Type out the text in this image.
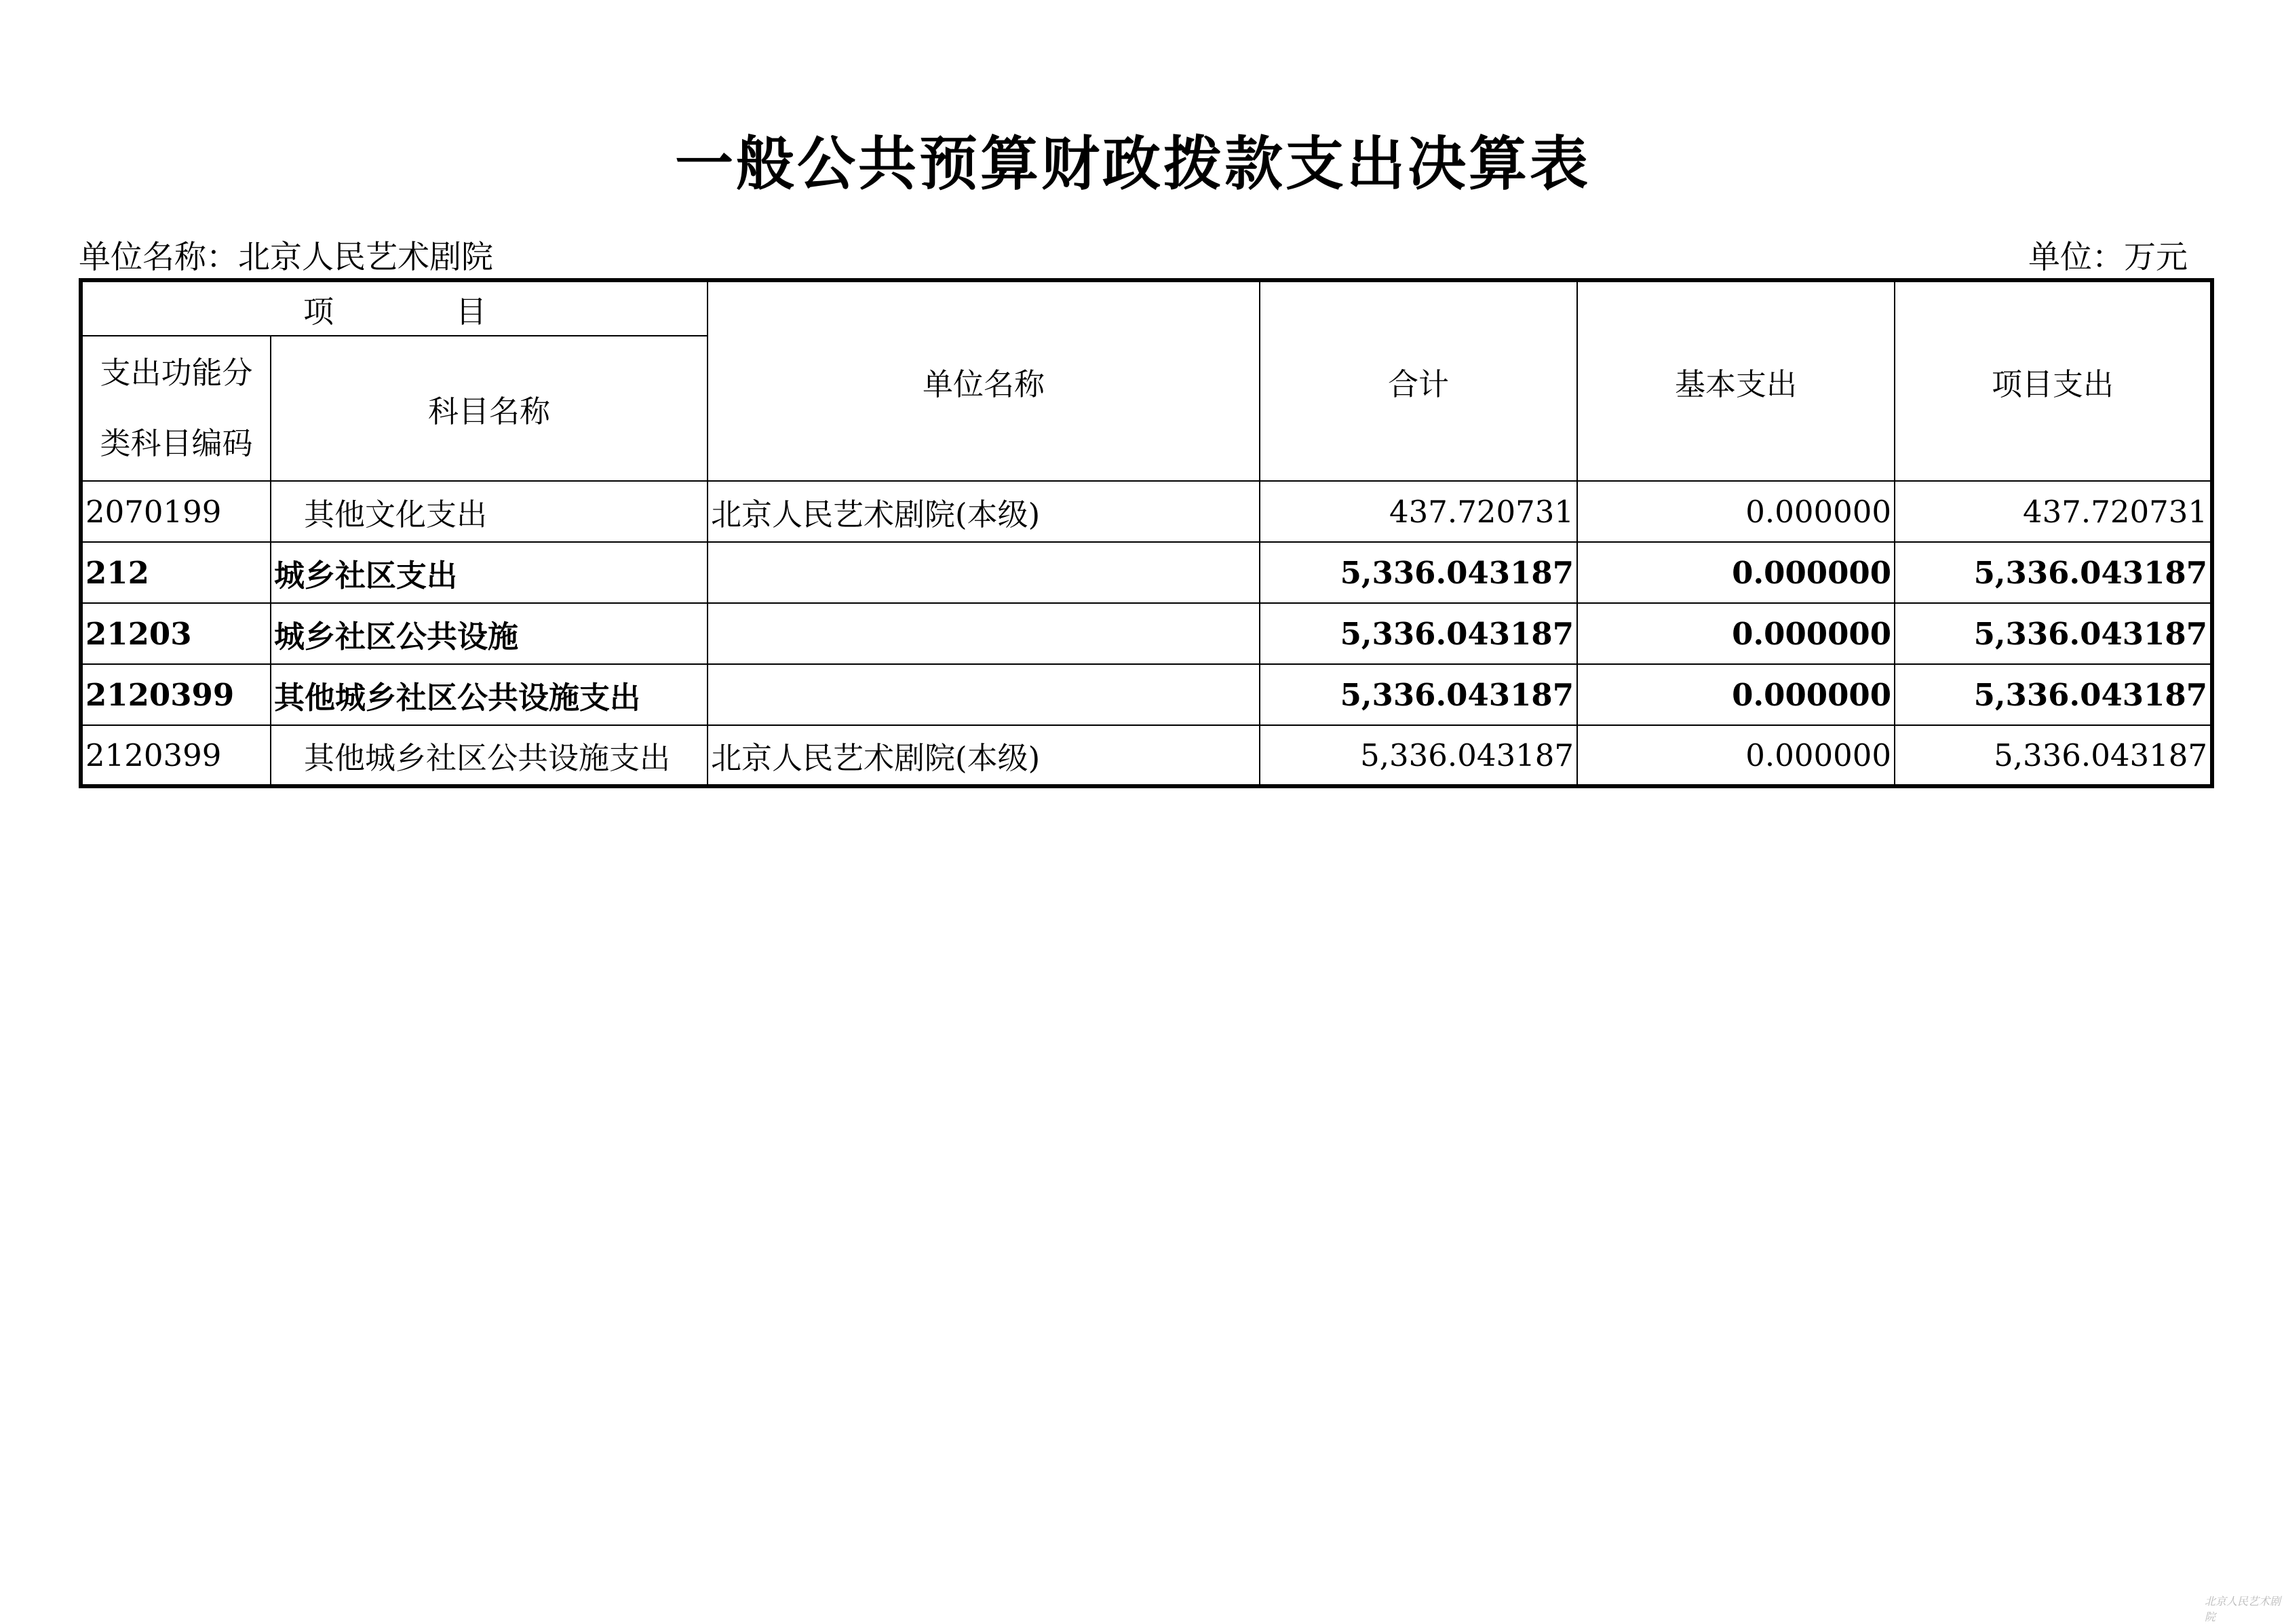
一般公共预算财政拨款支出决算表
单位名称：北京人民艺术剧院	单位：万元
项　　　　目		单位名称	合计	基本支出	项目支出
支出功能分类科目编码	科目名称				
2070199	其他文化支出	北京人民艺术剧院(本级)	437.720731	0.000000	437.720731
212	城乡社区支出		5,336.043187	0.000000	5,336.043187
21203	城乡社区公共设施		5,336.043187	0.000000	5,336.043187
2120399	其他城乡社区公共设施支出		5,336.043187	0.000000	5,336.043187
2120399	其他城乡社区公共设施支出	北京人民艺术剧院(本级)	5,336.043187	0.000000	5,336.043187
北京人民艺术剧院
